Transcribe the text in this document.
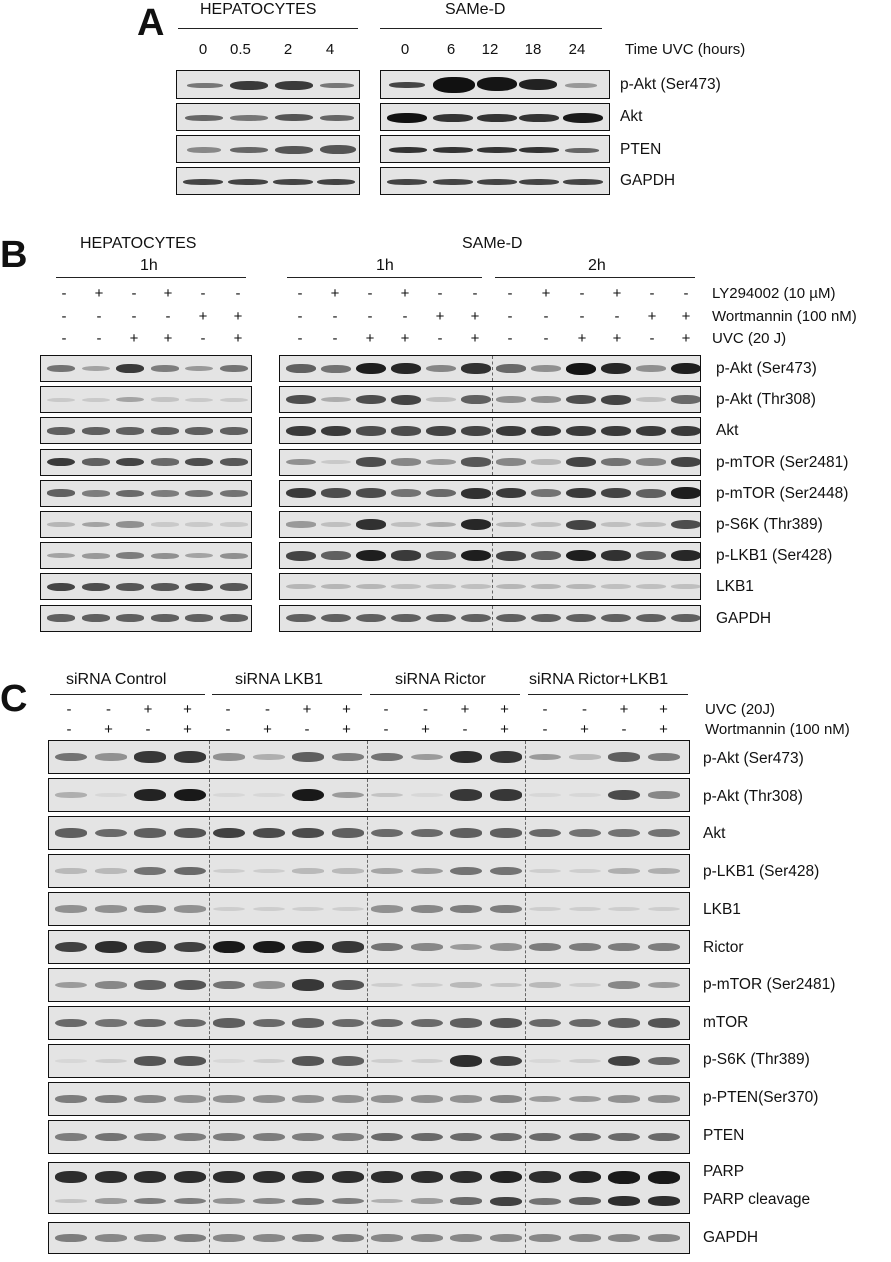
A HEPATOCYTES	SAMe-D
0	0.5	2	4	0	6	12 18 24	Time UVC (hours)
p-Akt (Ser473)
Akt
PTEN
GAPDH
B	HEPATOCYTES
1h
SAMe-D
1h	2h
-	+	-	+	-	-	-	+	-	+	-	-	-	+	-	+	-	-
-	-	-	-	+	+	-	-	-	-	+	+	-	-	-	-	+	+
-	-	+	+	-	+	-	-	+	+	-	+	-	-	+	+	-	+
LY294002 (10 µM)
Wortmannin (100 nM)
UVC (20 J)
p-Akt (Ser473)
p-Akt (Thr308)
Akt
p-mTOR (Ser2481)
p-mTOR (Ser2448)
p-S6K (Thr389)
p-LKB1 (Ser428)
LKB1
GAPDH
C siRNA Control	siRNA LKB1	siRNA Rictor	siRNA Rictor+LKB1
-	-	+	+	-	-	+	+	-	-	+	+	-	-	+	+
-	+	-	+	-	+	-	+	-	+	-	+	-	+	-	+
UVC (20J)
Wortmannin (100 nM)
p-Akt (Ser473)
p-Akt (Thr308)
Akt
p-LKB1 (Ser428)
LKB1
Rictor
p-mTOR (Ser2481)
mTOR
p-S6K (Thr389)
p-PTEN(Ser370)
PTEN
PARP
PARP cleavage
GAPDH
